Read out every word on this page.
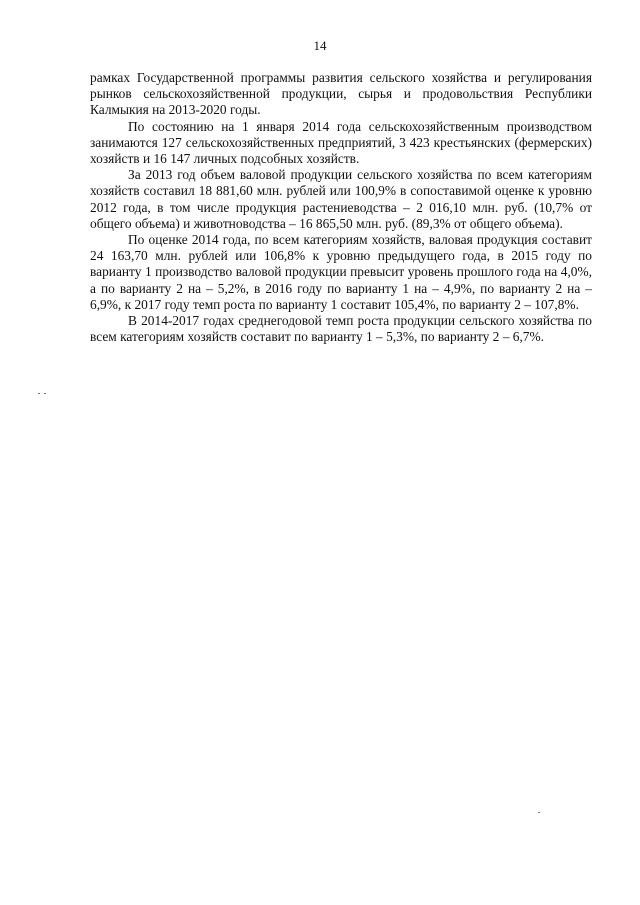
14

рамках Государственной программы развития сельского хозяйства и регулирования рынков сельскохозяйственной продукции, сырья и продовольствия Республики Калмыкия на 2013-2020 годы.

По состоянию на 1 января 2014 года сельскохозяйственным производством занимаются 127 сельскохозяйственных предприятий, 3 423 крестьянских (фермерских) хозяйств и 16 147 личных подсобных хозяйств.

За 2013 год объем валовой продукции сельского хозяйства по всем категориям хозяйств составил 18 881,60 млн. рублей или 100,9% в сопоставимой оценке к уровню 2012 года, в том числе продукция растениеводства – 2 016,10 млн. руб. (10,7% от общего объема) и животноводства – 16 865,50 млн. руб. (89,3% от общего объема).

По оценке 2014 года, по всем категориям хозяйств, валовая продукция составит 24 163,70 млн. рублей или 106,8% к уровню предыдущего года, в 2015 году по варианту 1 производство валовой продукции превысит уровень прошлого года на 4,0%, а по варианту 2 на – 5,2%, в 2016 году по варианту 1 на – 4,9%, по варианту 2 на – 6,9%, к 2017 году темп роста по варианту 1 составит 105,4%, по варианту 2 – 107,8%.

В 2014-2017 годах среднегодовой темп роста продукции сельского хозяйства по всем категориям хозяйств составит по варианту 1 – 5,3%, по варианту 2 – 6,7%.
